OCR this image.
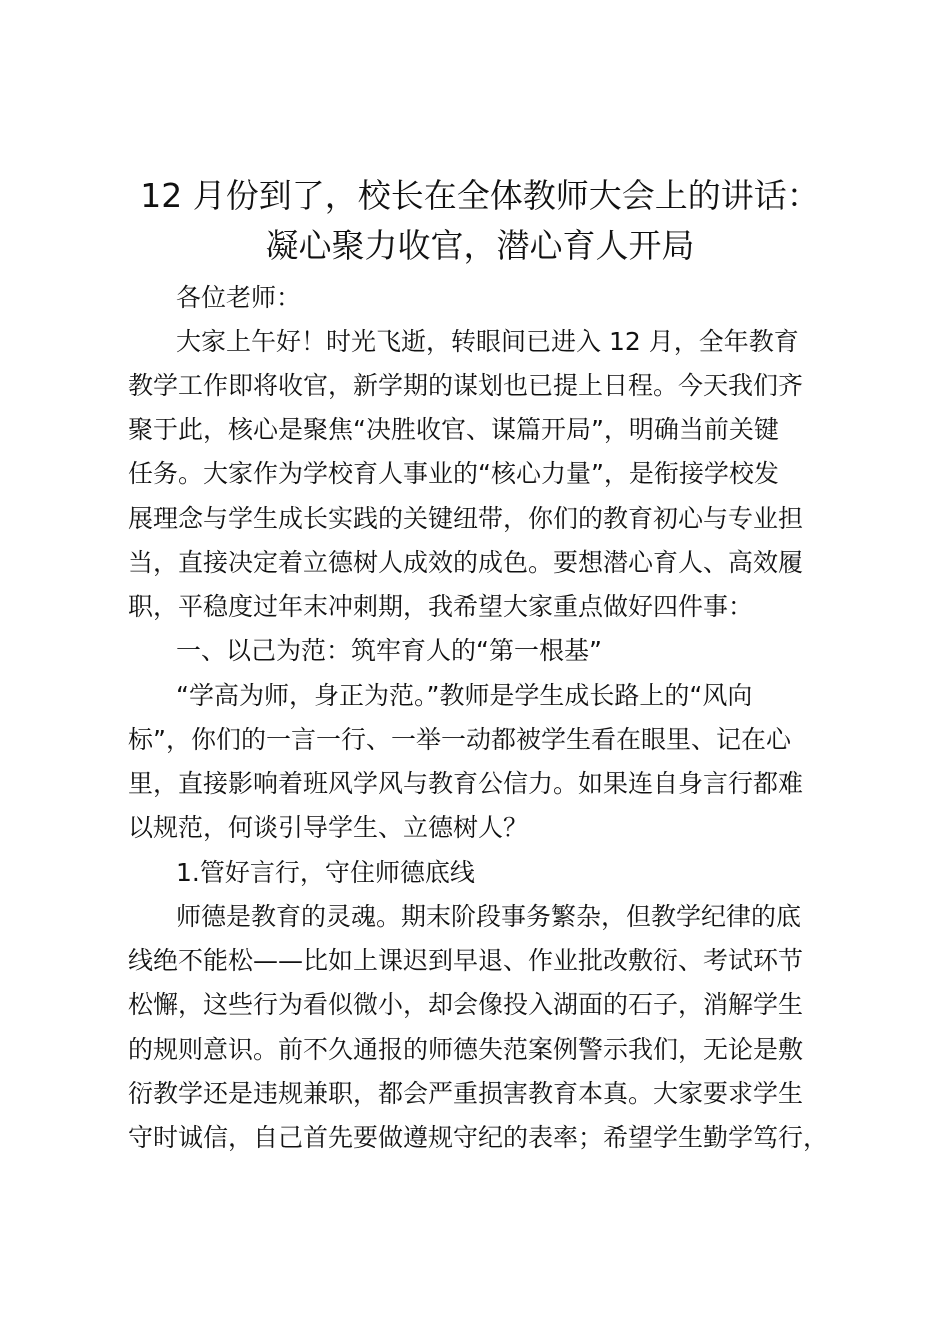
12 月份到了，校长在全体教师大会上的讲话：
凝心聚力收官，潜心育人开局

各位老师：

大家上午好！时光飞逝，转眼间已进入 12 月，全年教育

教学工作即将收官，新学期的谋划也已提上日程。今天我们齐

聚于此，核心是聚焦“决胜收官、谋篇开局”，明确当前关键

任务。大家作为学校育人事业的“核心力量”，是衔接学校发

展理念与学生成长实践的关键纽带，你们的教育初心与专业担

当，直接决定着立德树人成效的成色。要想潜心育人、高效履

职，平稳度过年末冲刺期，我希望大家重点做好四件事：

一、以己为范：筑牢育人的“第一根基”

“学高为师，身正为范。”教师是学生成长路上的“风向

标”，你们的一言一行、一举一动都被学生看在眼里、记在心

里，直接影响着班风学风与教育公信力。如果连自身言行都难

以规范，何谈引导学生、立德树人？

1.管好言行，守住师德底线

师德是教育的灵魂。期末阶段事务繁杂，但教学纪律的底

线绝不能松——比如上课迟到早退、作业批改敷衍、考试环节

松懈，这些行为看似微小，却会像投入湖面的石子，消解学生

的规则意识。前不久通报的师德失范案例警示我们，无论是敷

衍教学还是违规兼职，都会严重损害教育本真。大家要求学生

守时诚信，自己首先要做遵规守纪的表率；希望学生勤学笃行，
